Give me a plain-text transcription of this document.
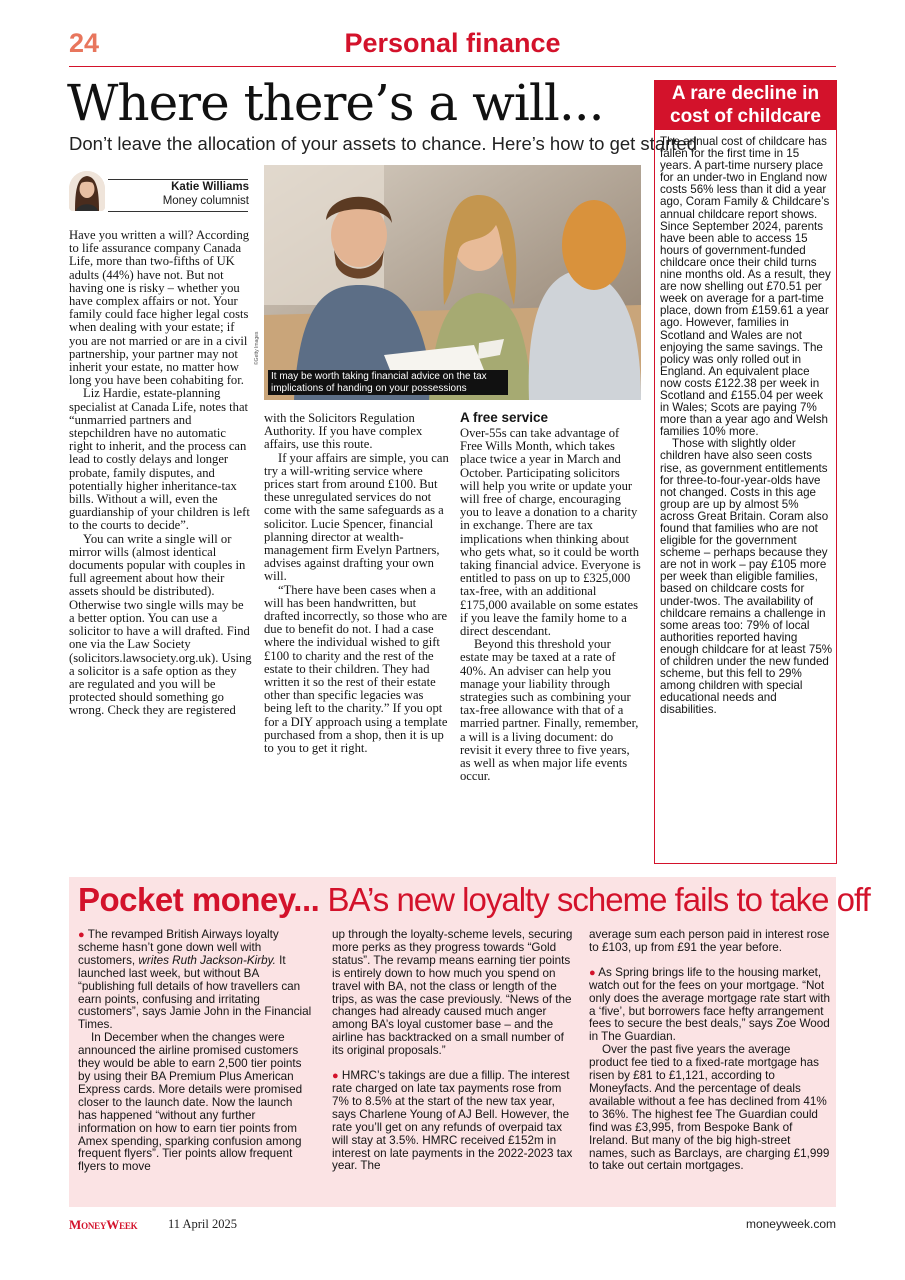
24	Personal finance
Where there’s a will...
Don’t leave the allocation of your assets to chance. Here’s how to get started
Katie Williams
Money columnist
It may be worth taking financial advice on the tax implications of handing on your possessions
©Getty Images

Have you written a will? According to life assurance company Canada Life, more than two-fifths of UK adults (44%) have not. But not having one is risky – whether you have complex affairs or not. Your family could face higher legal costs when dealing with your estate; if you are not married or are in a civil partnership, your partner may not inherit your estate, no matter how long you have been cohabiting for.

Liz Hardie, estate-planning specialist at Canada Life, notes that “unmarried partners and stepchildren have no automatic right to inherit, and the process can lead to costly delays and longer probate, family disputes, and potentially higher inheritance-tax bills. Without a will, even the guardianship of your children is left to the courts to decide”.

You can write a single will or mirror wills (almost identical documents popular with couples in full agreement about how their assets should be distributed). Otherwise two single wills may be a better option. You can use a solicitor to have a will drafted. Find one via the Law Society (solicitors.lawsociety.org.uk). Using a solicitor is a safe option as they are regulated and you will be protected should something go wrong. Check they are registered

with the Solicitors Regulation Authority. If you have complex affairs, use this route.

If your affairs are simple, you can try a will-writing service where prices start from around £100. But these unregulated services do not come with the same safeguards as a solicitor. Lucie Spencer, financial planning director at wealth-management firm Evelyn Partners, advises against drafting your own will.

“There have been cases when a will has been handwritten, but drafted incorrectly, so those who are due to benefit do not. I had a case where the individual wished to gift £100 to charity and the rest of the estate to their children. They had written it so the rest of their estate other than specific legacies was being left to the charity.” If you opt for a DIY approach using a template purchased from a shop, then it is up to you to get it right.

A free service

Over-55s can take advantage of Free Wills Month, which takes place twice a year in March and October. Participating solicitors will help you write or update your will free of charge, encouraging you to leave a donation to a charity in exchange. There are tax implications when thinking about who gets what, so it could be worth taking financial advice. Everyone is entitled to pass on up to £325,000 tax-free, with an additional £175,000 available on some estates if you leave the family home to a direct descendant.

Beyond this threshold your estate may be taxed at a rate of 40%. An adviser can help you manage your liability through strategies such as combining your tax-free allowance with that of a married partner. Finally, remember, a will is a living document: do revisit it every three to five years, as well as when major life events occur.

A rare decline in cost of childcare

The annual cost of childcare has fallen for the first time in 15 years. A part-time nursery place for an under-two in England now costs 56% less than it did a year ago, Coram Family & Childcare’s annual childcare report shows. Since September 2024, parents have been able to access 15 hours of government-funded childcare once their child turns nine months old. As a result, they are now shelling out £70.51 per week on average for a part-time place, down from £159.61 a year ago. However, families in Scotland and Wales are not enjoying the same savings. The policy was only rolled out in England. An equivalent place now costs £122.38 per week in Scotland and £155.04 per week in Wales; Scots are paying 7% more than a year ago and Welsh families 10% more.

Those with slightly older children have also seen costs rise, as government entitlements for three-to-four-year-olds have not changed. Costs in this age group are up by almost 5% across Great Britain. Coram also found that families who are not eligible for the government scheme – perhaps because they are not in work – pay £105 more per week than eligible families, based on childcare costs for under-twos. The availability of childcare remains a challenge in some areas too: 79% of local authorities reported having enough childcare for at least 75% of children under the new funded scheme, but this fell to 29% among children with special educational needs and disabilities.

Pocket money... BA’s new loyalty scheme fails to take off

● The revamped British Airways loyalty scheme hasn’t gone down well with customers, writes Ruth Jackson-Kirby. It launched last week, but without BA “publishing full details of how travellers can earn points, confusing and irritating customers”, says Jamie John in the Financial Times.

In December when the changes were announced the airline promised customers they would be able to earn 2,500 tier points by using their BA Premium Plus American Express cards. More details were promised closer to the launch date. Now the launch has happened “without any further information on how to earn tier points from Amex spending, sparking confusion among frequent flyers”. Tier points allow frequent flyers to move

up through the loyalty-scheme levels, securing more perks as they progress towards “Gold status”. The revamp means earning tier points is entirely down to how much you spend on travel with BA, not the class or length of the trips, as was the case previously. “News of the changes had already caused much anger among BA’s loyal customer base – and the airline has backtracked on a small number of its original proposals.”

● HMRC’s takings are due a fillip. The interest rate charged on late tax payments rose from 7% to 8.5% at the start of the new tax year, says Charlene Young of AJ Bell. However, the rate you’ll get on any refunds of overpaid tax will stay at 3.5%. HMRC received £152m in interest on late payments in the 2022-2023 tax year. The

average sum each person paid in interest rose to £103, up from £91 the year before.

● As Spring brings life to the housing market, watch out for the fees on your mortgage. “Not only does the average mortgage rate start with a ‘five’, but borrowers face hefty arrangement fees to secure the best deals,” says Zoe Wood in The Guardian.

Over the past five years the average product fee tied to a fixed-rate mortgage has risen by £81 to £1,121, according to Moneyfacts. And the percentage of deals available without a fee has declined from 41% to 36%. The highest fee The Guardian could find was £3,995, from Bespoke Bank of Ireland. But many of the big high-street names, such as Barclays, are charging £1,999 to take out certain mortgages.

MoneyWeek 11 April 2025	moneyweek.com
